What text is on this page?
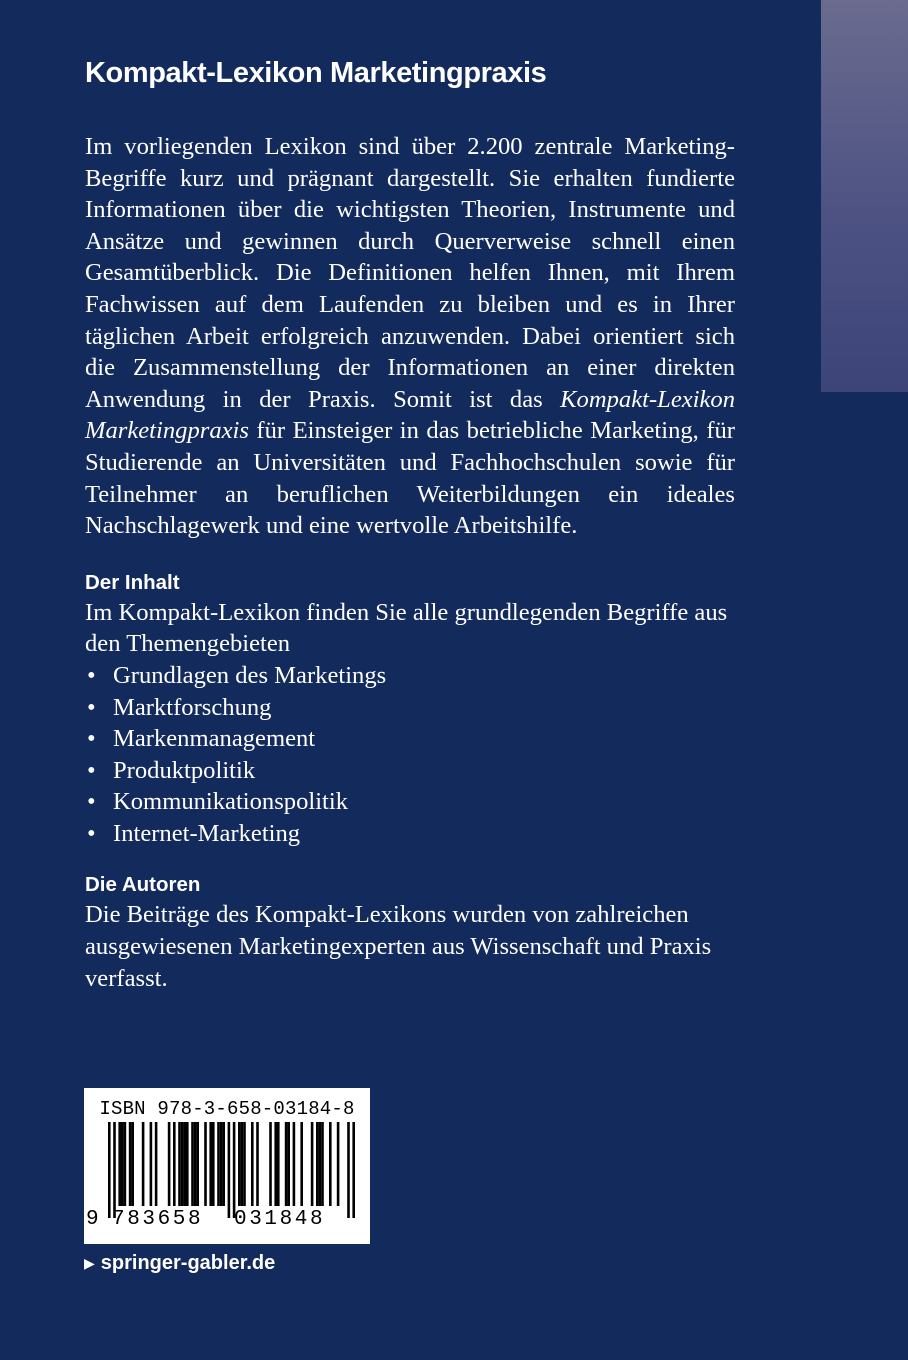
Kompakt-Lexikon Marketingpraxis

Im vorliegenden Lexikon sind über 2.200 zentrale Marketing-Begriffe kurz und prägnant dargestellt. Sie erhalten fundierte Informationen über die wichtigsten Theorien, Instrumente und Ansätze und gewinnen durch Querverweise schnell einen Gesamtüberblick. Die Definitionen helfen Ihnen, mit Ihrem Fachwissen auf dem Laufenden zu bleiben und es in Ihrer täglichen Arbeit erfolgreich anzuwenden. Dabei orientiert sich die Zusammenstellung der Informationen an einer direkten Anwendung in der Praxis. Somit ist das Kompakt-Lexikon Marketingpraxis für Einsteiger in das betriebliche Marketing, für Studierende an Universitäten und Fachhochschulen sowie für Teilnehmer an beruflichen Weiterbildungen ein ideales Nachschlagewerk und eine wertvolle Arbeitshilfe.

Der Inhalt

Im Kompakt-Lexikon finden Sie alle grundlegenden Begriffe aus den Themengebieten

• Grundlagen des Marketings
• Marktforschung
• Markenmanagement
• Produktpolitik
• Kommunikationspolitik
• Internet-Marketing
Die Autoren

Die Beiträge des Kompakt-Lexikons wurden von zahlreichen ausgewiesenen Marketingexperten aus Wissenschaft und Praxis verfasst.

ISBN 978-3-658-03184-8
9 783658 031848
▶ springer-gabler.de
